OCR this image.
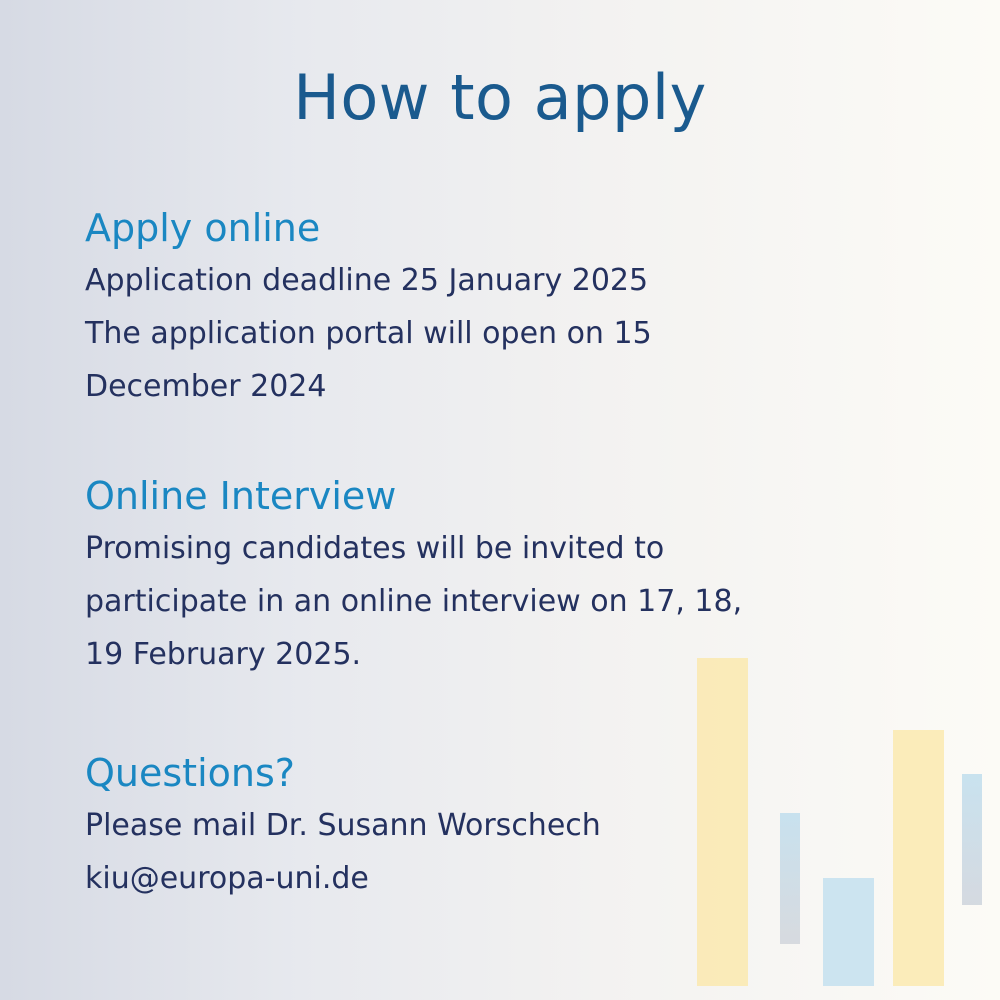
How to apply
Apply online

Application deadline 25 January 2025

The application portal will open on 15

December 2024

Online Interview

Promising candidates will be invited to

participate in an online interview on 17, 18,

19 February 2025.

Questions?

Please mail Dr. Susann Worschech

kiu@europa-uni.de
